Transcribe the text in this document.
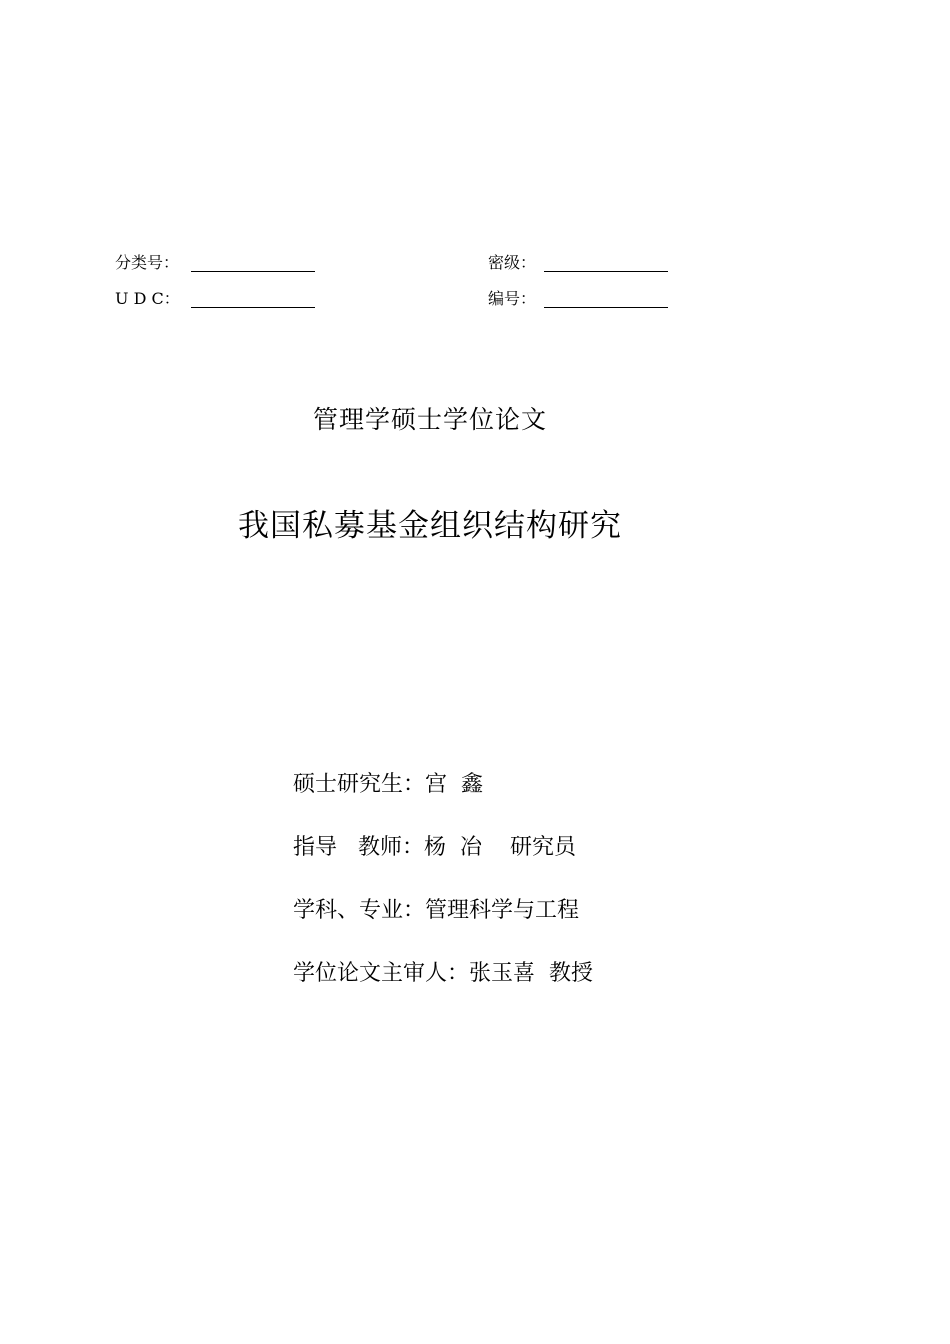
分类号：
U D C：
密级：
编号：
管理学硕士学位论文
我国私募基金组织结构研究
硕士研究生：宫  鑫
指导   教师：杨  冶    研究员
学科、专业：管理科学与工程
学位论文主审人：张玉喜  教授
